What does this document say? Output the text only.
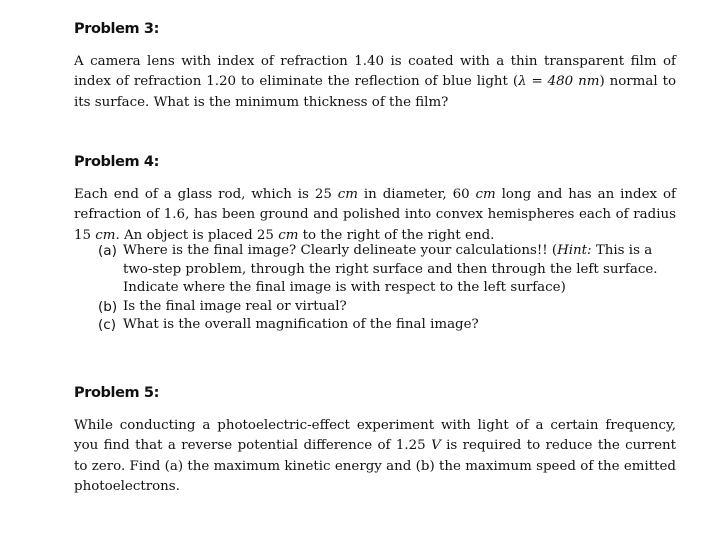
Problem 3:

A camera lens with index of refraction 1.40 is coated with a thin transparent film of index of refraction 1.20 to eliminate the reflection of blue light (λ = 480 nm) normal to its surface. What is the minimum thickness of the film?

Problem 4:

Each end of a glass rod, which is 25 cm in diameter, 60 cm long and has an index of refraction of 1.6, has been ground and polished into convex hemispheres each of radius 15 cm. An object is placed 25 cm to the right of the right end.

(a) Where is the final image? Clearly delineate your calculations!! (Hint: This is a two-step problem, through the right surface and then through the left surface. Indicate where the final image is with respect to the left surface)
(b) Is the final image real or virtual?
(c) What is the overall magnification of the final image?
Problem 5:

While conducting a photoelectric-effect experiment with light of a certain frequency, you find that a reverse potential difference of 1.25 V is required to reduce the current to zero. Find (a) the maximum kinetic energy and (b) the maximum speed of the emitted photoelectrons.
